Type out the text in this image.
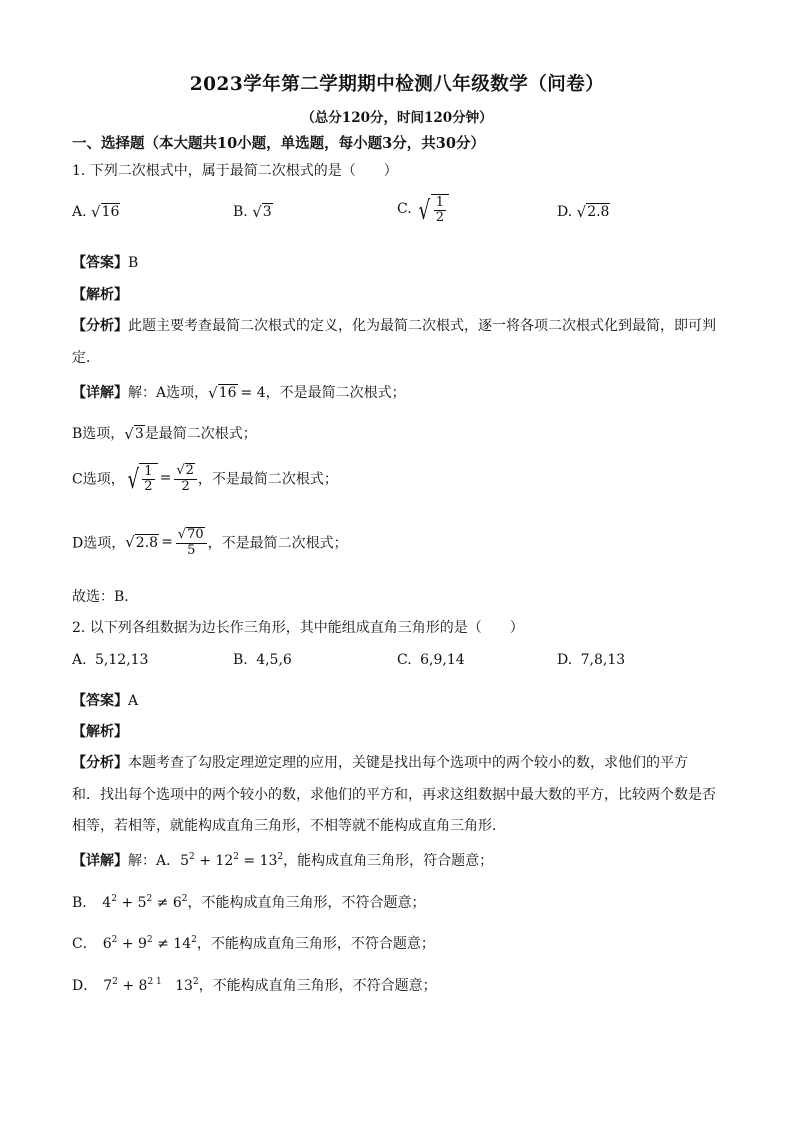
2023学年第二学期期中检测八年级数学（问卷）
（总分120分，时间120分钟）
一、选择题（本大题共10小题，单选题，每小题3分，共30分）
1. 下列二次根式中，属于最简二次根式的是（　　）
A. √ 16	B. √ 3	C. √ $\frac{1}{2}$	D. √ 2.8
【答案】B
【解析】
【分析】此题主要考查最简二次根式的定义，化为最简二次根式，逐一将各项二次根式化到最简，即可判
定．
【详解】解：A选项， √ 16 = 4，不是最简二次根式；
B选项， √ 3 是最简二次根式；
C选项， √ $\frac{1}{2} = \frac{√ 2}{2}$ ，不是最简二次根式；
D选项， √ $2.8 = \frac{√ 70}{5}$ ，不是最简二次根式；
故选：B．
2. 以下列各组数据为边长作三角形，其中能组成直角三角形的是（　　）
A. 5,12,13	B. 4,5,6	C. 6,9,14	D. 7,8,13
【答案】A
【解析】
【分析】本题考查了勾股定理逆定理的应用，关键是找出每个选项中的两个较小的数，求他们的平方
和．找出每个选项中的两个较小的数，求他们的平方和，再求这组数据中最大数的平方，比较两个数是否
相等，若相等，就能构成直角三角形，不相等就不能构成直角三角形．
【详解】解：A．$5^2 + 12^2 = 13^2$，能构成直角三角形，符合题意；
B． $4^2 + 5^2 \ne 6^2$，不能构成直角三角形，不符合题意；
C． $6^2 + 9^2 \ne 14^2$，不能构成直角三角形，不符合题意；
D． $7^2 + 8^{2 1}$   $13^2$，不能构成直角三角形，不符合题意；
